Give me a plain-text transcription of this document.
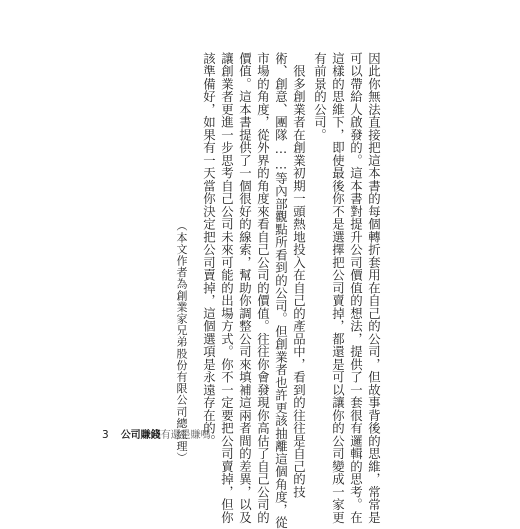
因此你無法直接把這本書的每個轉折套用在自己的公司，但故事背後的思維，常常是
可以帶給人啟發的。這本書對提升公司價值的想法，提供了一套很有邏輯的思考。在
這樣的思維下，即使最後你不是選擇把公司賣掉，都還是可以讓你的公司變成一家更
有前景的公司。
　很多創業者在創業初期一頭熱地投入在自己的產品中，看到的往往是自己的技
術、創意、團隊……等內部觀點所看到的公司。但創業者也許更該抽離這個角度，從
市場的角度，從外界的角度來看自己公司的價值。往往你會發現你高估了自己公司的
價值。這本書提供了一個很好的線索，幫助你調整公司來填補這兩者間的差異，以及
讓創業者更進一步思考自己公司未來可能的出場方式。你不一定要把公司賣掉，但你
該準備好，如果有一天當你決定把公司賣掉，這個選項是永遠存在的。
（本文作者為創業家兄弟股份有限公司總經理）
3 公司賺錢 有還是賺嗎
